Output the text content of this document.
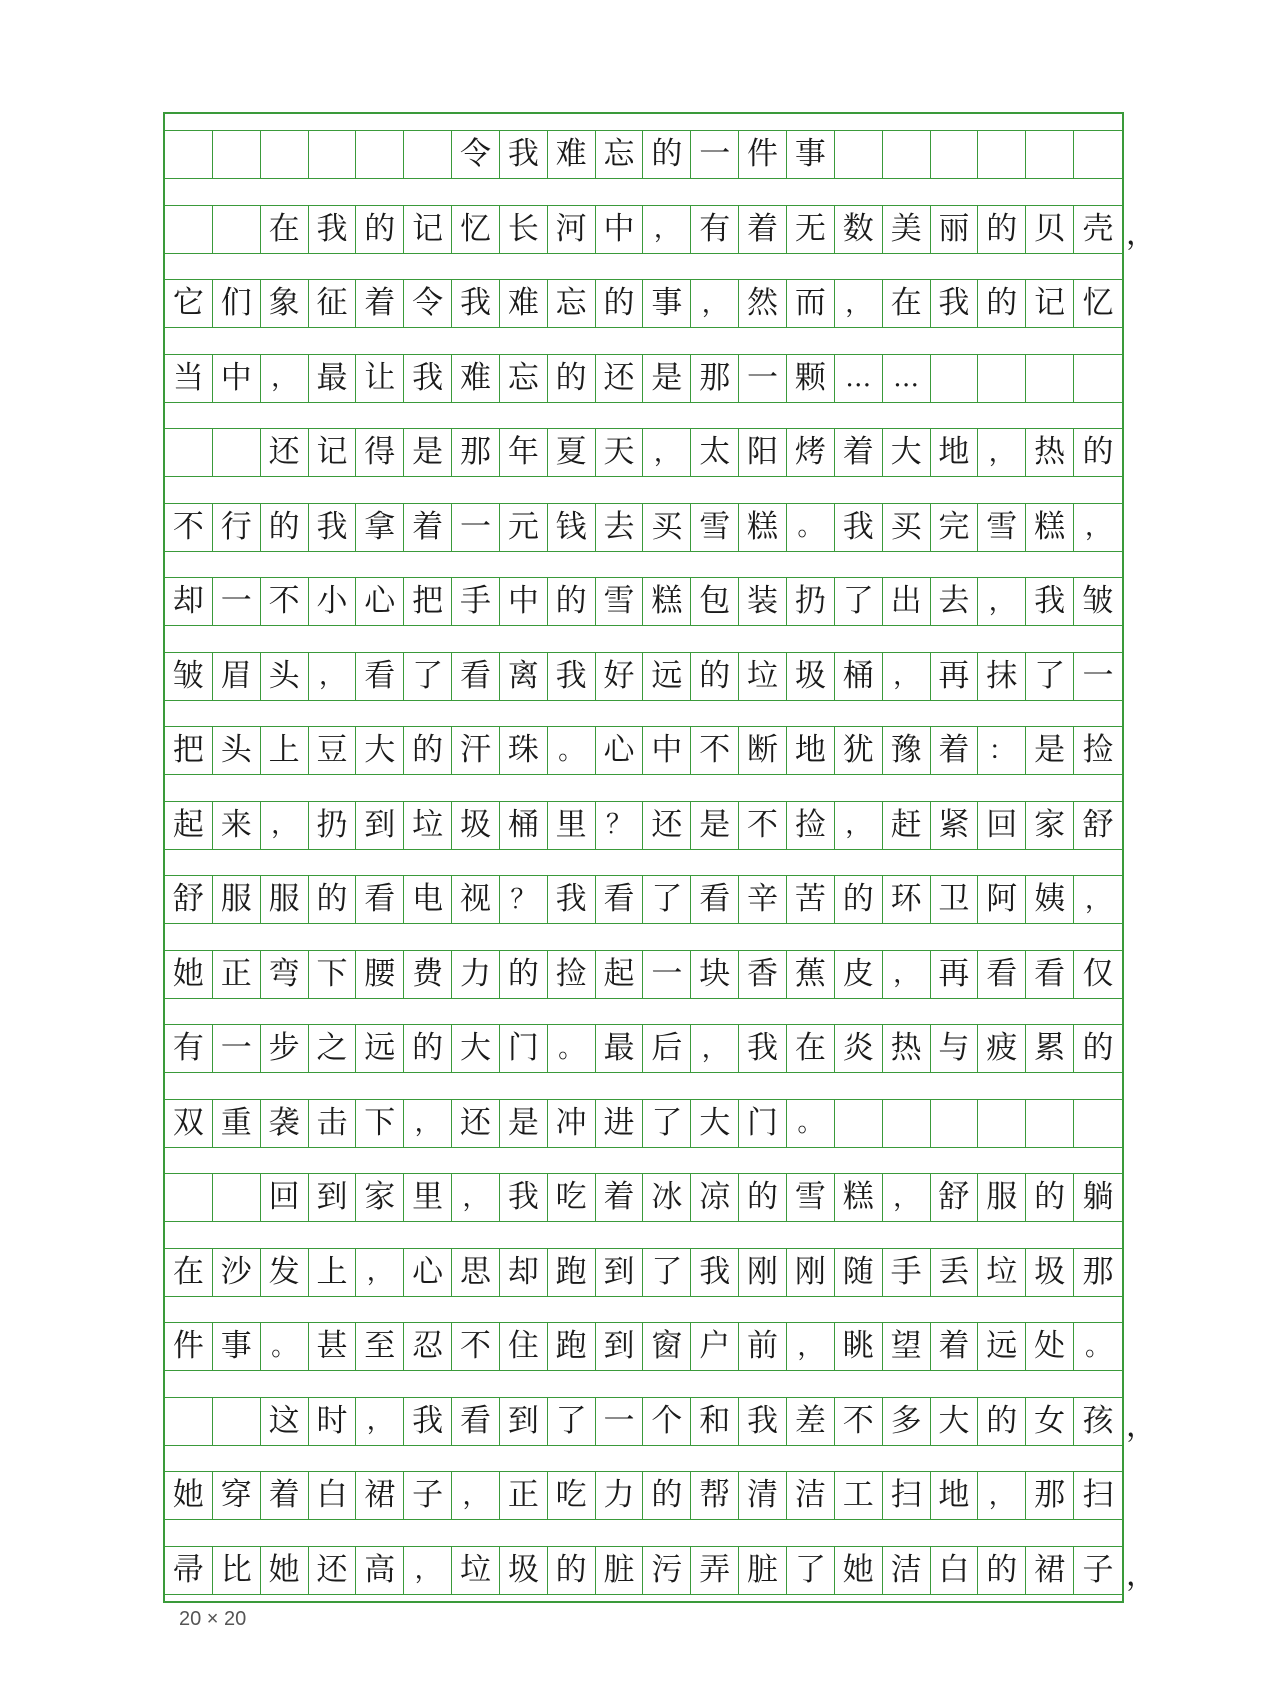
令 我 难 忘 的 一 件 事
在 我 的 记 忆 长 河 中 ， 有 着 无 数 美 丽 的 贝 壳
它 们 象 征 着 令 我 难 忘 的 事 ， 然 而 ， 在 我 的 记 忆
当 中 ， 最 让 我 难 忘 的 还 是 那 一 颗 … …
还 记 得 是 那 年 夏 天 ， 太 阳 烤 着 大 地 ， 热 的
不 行 的 我 拿 着 一 元 钱 去 买 雪 糕 。 我 买 完 雪 糕 ，
却 一 不 小 心 把 手 中 的 雪 糕 包 装 扔 了 出 去 ， 我 皱
皱 眉 头 ， 看 了 看 离 我 好 远 的 垃 圾 桶 ， 再 抹 了 一
把 头 上 豆 大 的 汗 珠 。 心 中 不 断 地 犹 豫 着 ： 是 捡
起 来 ， 扔 到 垃 圾 桶 里 ？ 还 是 不 捡 ， 赶 紧 回 家 舒
舒 服 服 的 看 电 视 ？ 我 看 了 看 辛 苦 的 环 卫 阿 姨 ，
她 正 弯 下 腰 费 力 的 捡 起 一 块 香 蕉 皮 ， 再 看 看 仅
有 一 步 之 远 的 大 门 。 最 后 ， 我 在 炎 热 与 疲 累 的
双 重 袭 击 下 ， 还 是 冲 进 了 大 门 。
回 到 家 里 ， 我 吃 着 冰 凉 的 雪 糕 ， 舒 服 的 躺
在 沙 发 上 ， 心 思 却 跑 到 了 我 刚 刚 随 手 丢 垃 圾 那
件 事 。 甚 至 忍 不 住 跑 到 窗 户 前 ， 眺 望 着 远 处 。
这 时 ， 我 看 到 了 一 个 和 我 差 不 多 大 的 女 孩
她 穿 着 白 裙 子 ， 正 吃 力 的 帮 清 洁 工 扫 地 ， 那 扫
帚 比 她 还 高 ， 垃 圾 的 脏 污 弄 脏 了 她 洁 白 的 裙 子
20 × 20
，
，
，
